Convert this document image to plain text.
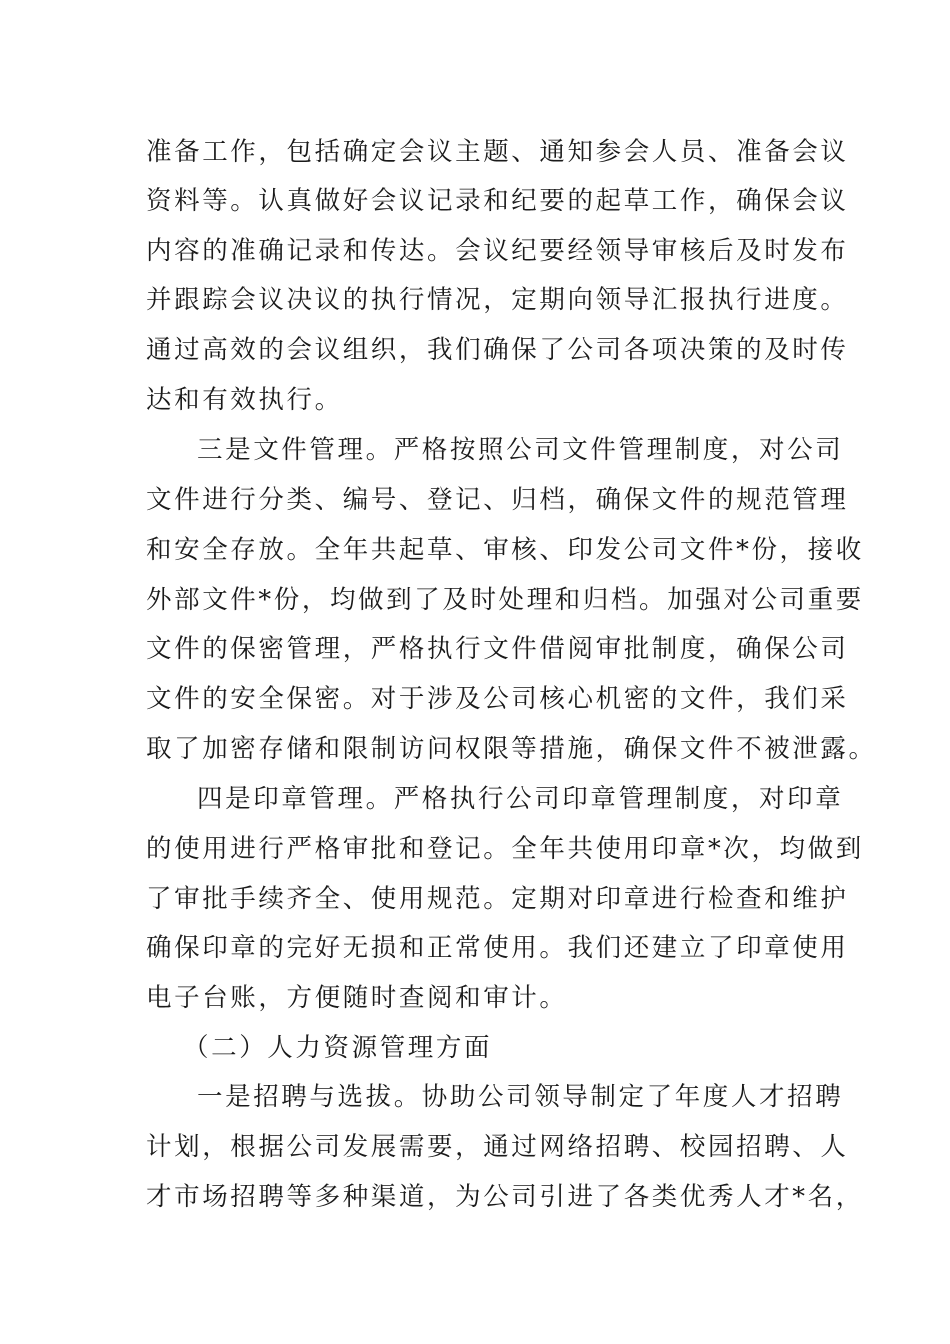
准备工作，包括确定会议主题、通知参会人员、准备会议
资料等。认真做好会议记录和纪要的起草工作，确保会议
内容的准确记录和传达。会议纪要经领导审核后及时发布
并跟踪会议决议的执行情况，定期向领导汇报执行进度。
通过高效的会议组织，我们确保了公司各项决策的及时传
达和有效执行。
三是文件管理。严格按照公司文件管理制度，对公司
文件进行分类、编号、登记、归档，确保文件的规范管理
和安全存放。全年共起草、审核、印发公司文件*份，接收
外部文件*份，均做到了及时处理和归档。加强对公司重要
文件的保密管理，严格执行文件借阅审批制度，确保公司
文件的安全保密。对于涉及公司核心机密的文件，我们采
取了加密存储和限制访问权限等措施，确保文件不被泄露。
四是印章管理。严格执行公司印章管理制度，对印章
的使用进行严格审批和登记。全年共使用印章*次，均做到
了审批手续齐全、使用规范。定期对印章进行检查和维护
确保印章的完好无损和正常使用。我们还建立了印章使用
电子台账，方便随时查阅和审计。
（二）人力资源管理方面
一是招聘与选拔。协助公司领导制定了年度人才招聘
计划，根据公司发展需要，通过网络招聘、校园招聘、人
才市场招聘等多种渠道，为公司引进了各类优秀人才*名，
